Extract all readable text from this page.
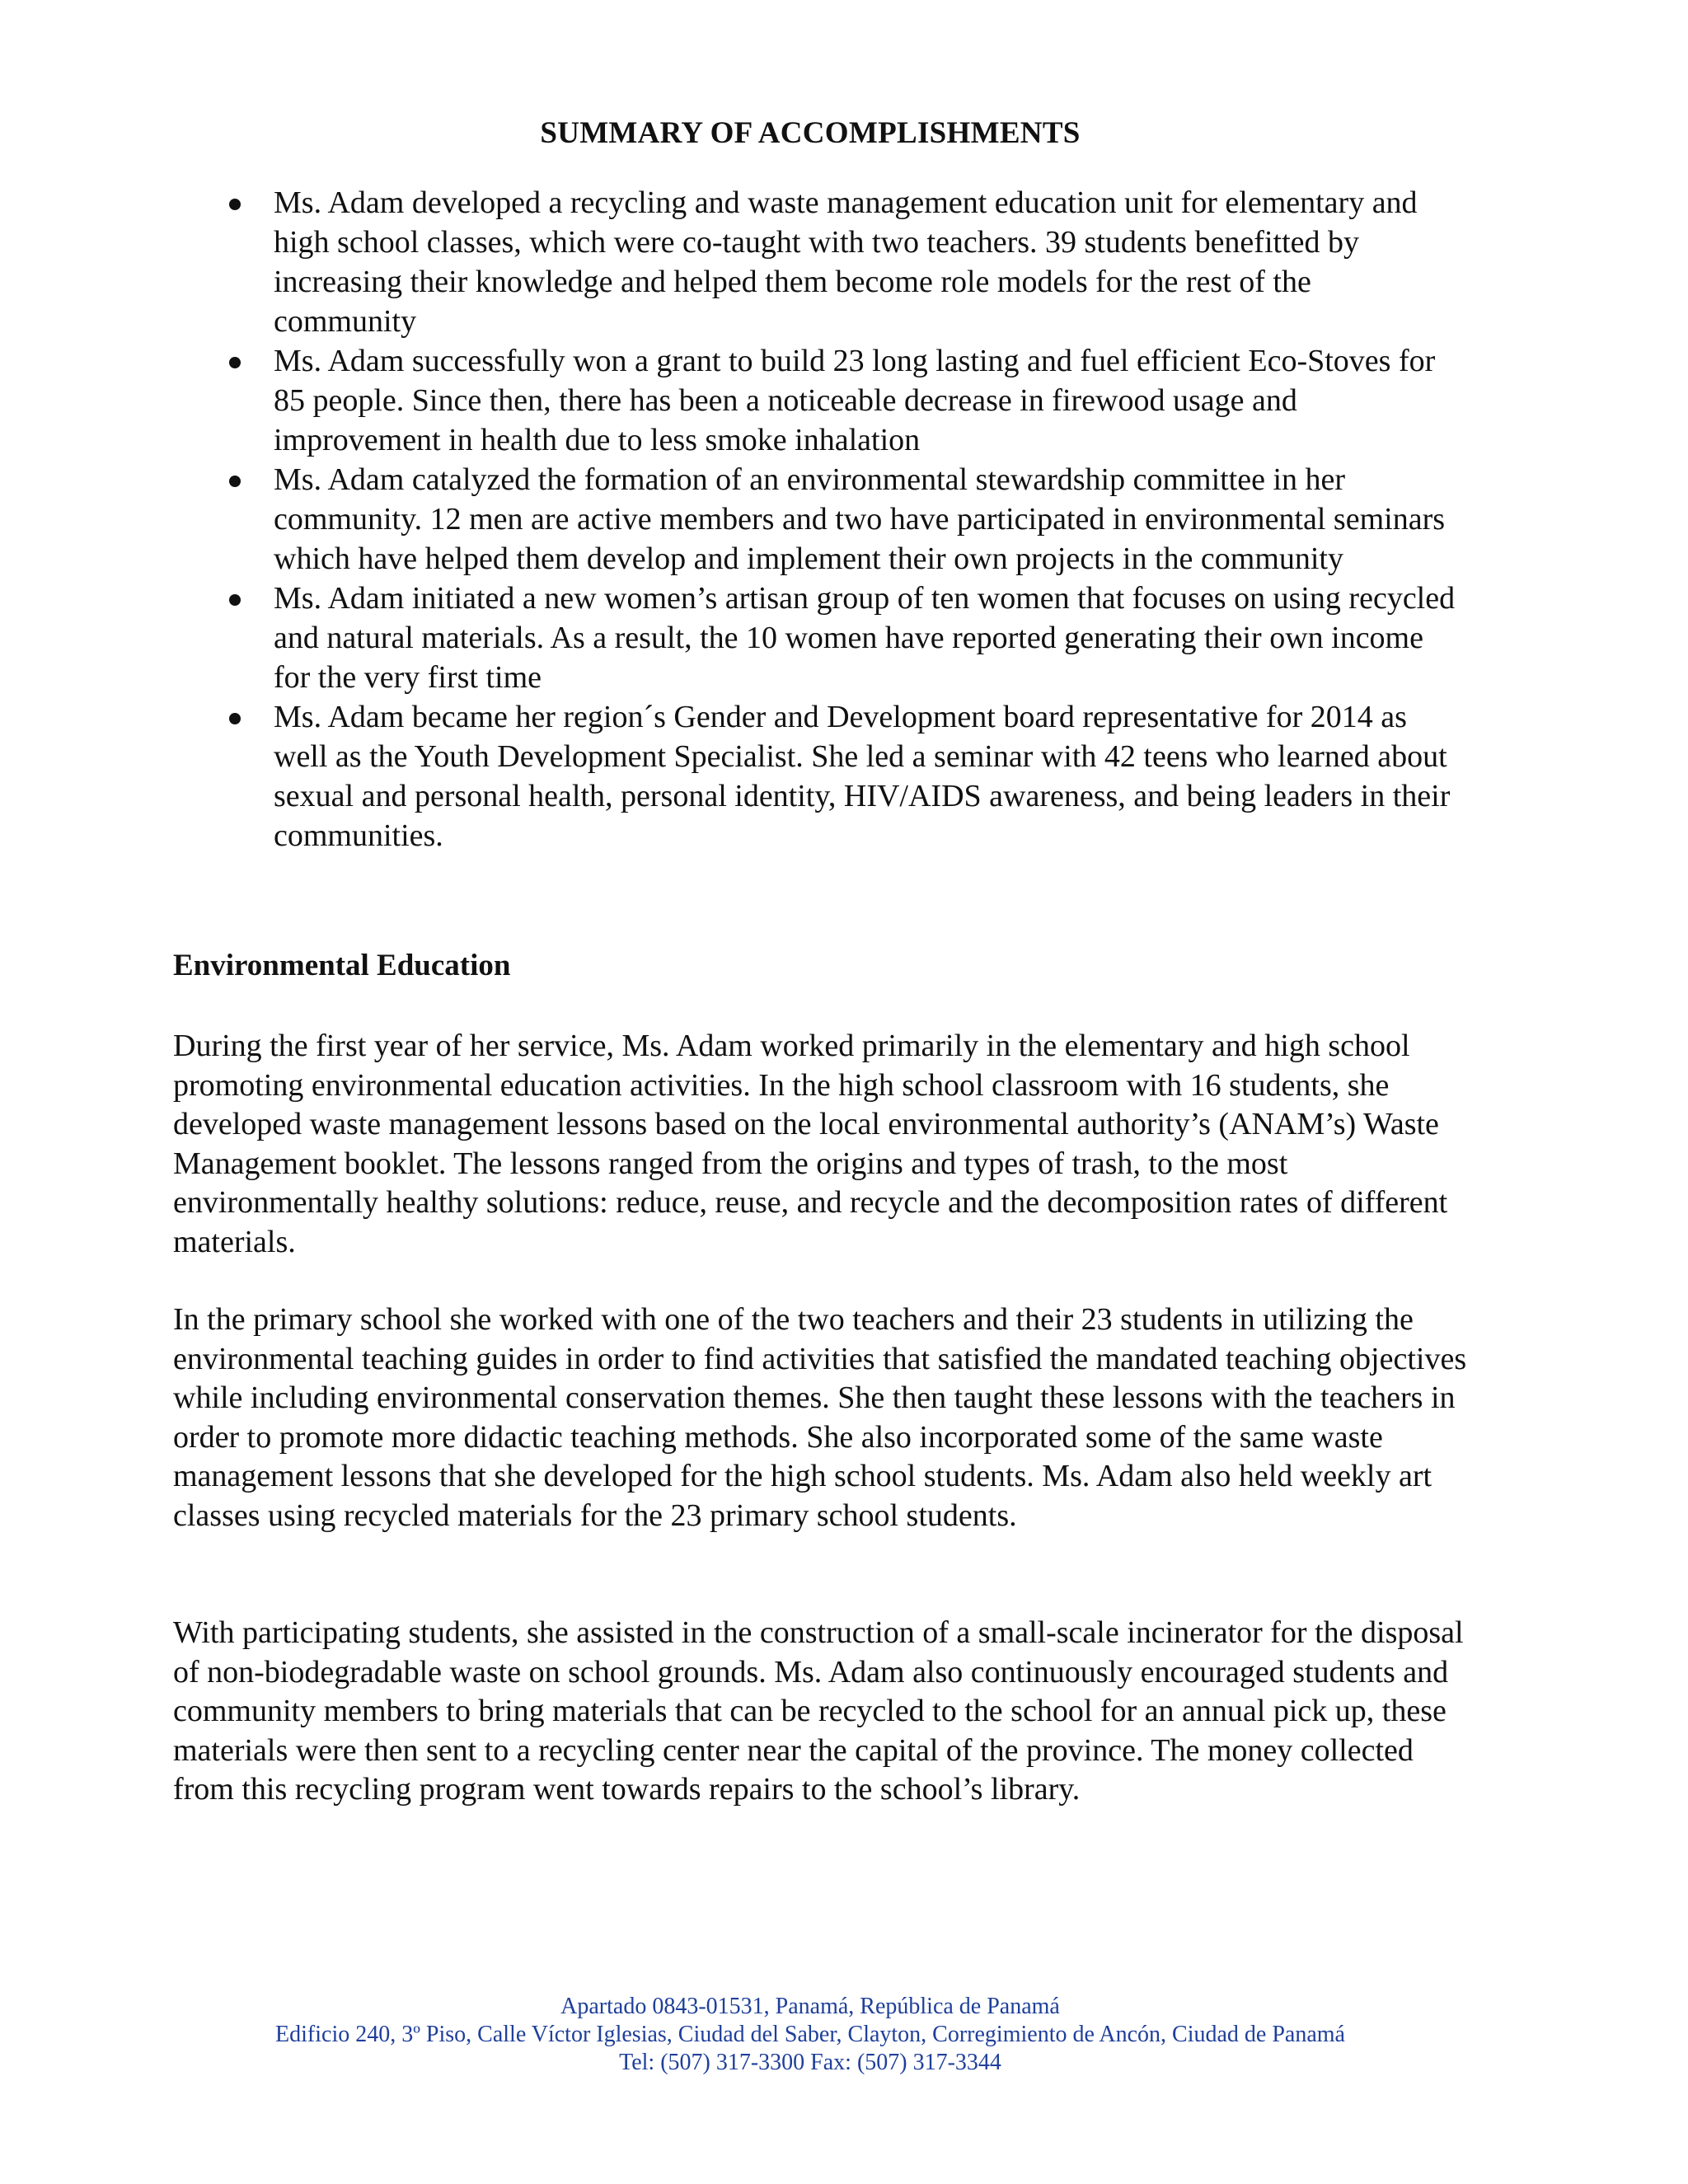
SUMMARY OF ACCOMPLISHMENTS
Ms. Adam developed a recycling and waste management education unit for elementary and high school classes, which were co-taught with two teachers. 39 students benefitted by increasing their knowledge and helped them become role models for the rest of the community
Ms. Adam successfully won a grant to build 23 long lasting and fuel efficient Eco-Stoves for 85 people. Since then, there has been a noticeable decrease in firewood usage and improvement in health due to less smoke inhalation
Ms. Adam catalyzed the formation of an environmental stewardship committee in her community. 12 men are active members and two have participated in environmental seminars which have helped them develop and implement their own projects in the community
Ms. Adam initiated a new women’s artisan group of ten women that focuses on using recycled and natural materials. As a result, the 10 women have reported generating their own income for the very first time
Ms. Adam became her region´s Gender and Development board representative for 2014 as well as the Youth Development Specialist. She led a seminar with 42 teens who learned about sexual and personal health, personal identity, HIV/AIDS awareness, and being leaders in their communities.
Environmental Education

During the first year of her service, Ms. Adam worked primarily in the elementary and high school promoting environmental education activities. In the high school classroom with 16 students, she developed waste management lessons based on the local environmental authority’s (ANAM’s) Waste Management booklet. The lessons ranged from the origins and types of trash, to the most environmentally healthy solutions: reduce, reuse, and recycle and the decomposition rates of different materials.

In the primary school she worked with one of the two teachers and their 23 students in utilizing the environmental teaching guides in order to find activities that satisfied the mandated teaching objectives while including environmental conservation themes. She then taught these lessons with the teachers in order to promote more didactic teaching methods. She also incorporated some of the same waste management lessons that she developed for the high school students. Ms. Adam also held weekly art classes using recycled materials for the 23 primary school students.

With participating students, she assisted in the construction of a small-scale incinerator for the disposal of non-biodegradable waste on school grounds. Ms. Adam also continuously encouraged students and community members to bring materials that can be recycled to the school for an annual pick up, these materials were then sent to a recycling center near the capital of the province. The money collected from this recycling program went towards repairs to the school’s library.

Apartado 0843-01531, Panamá, República de Panamá
Edificio 240, 3º Piso, Calle Víctor Iglesias, Ciudad del Saber, Clayton, Corregimiento de Ancón, Ciudad de Panamá
Tel: (507) 317-3300 Fax: (507) 317-3344
